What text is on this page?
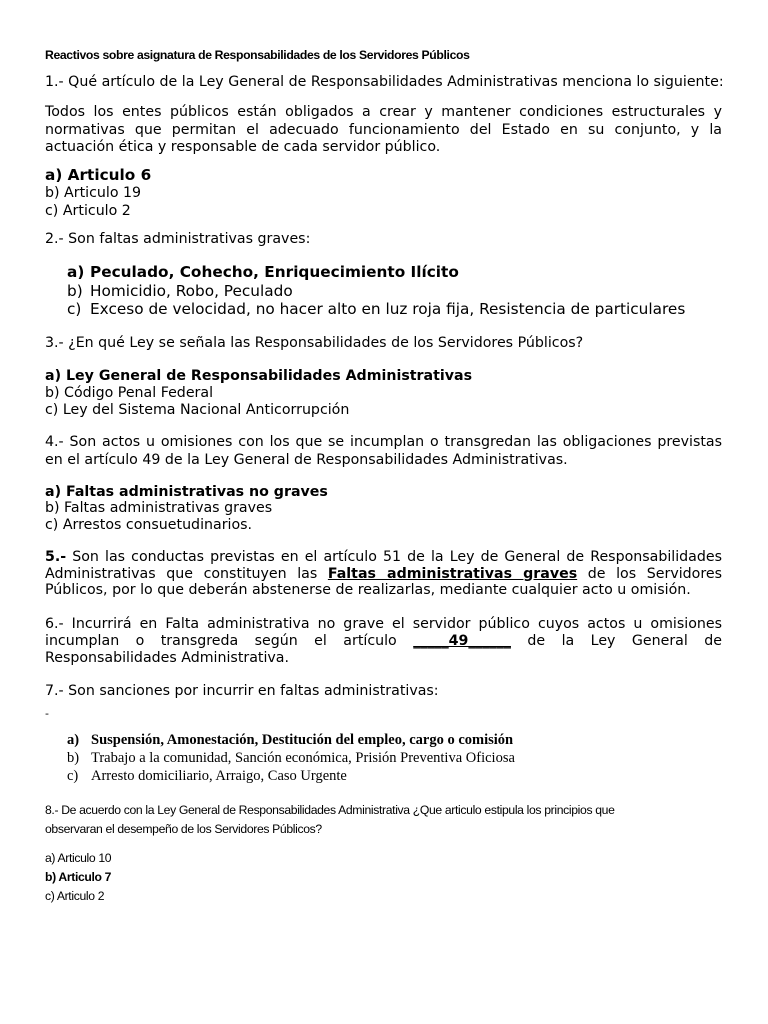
Reactivos sobre asignatura de Responsabilidades de los Servidores Públicos

1.- Qué artículo de la Ley General de Responsabilidades Administrativas menciona lo siguiente:

Todos los entes públicos están obligados a crear y mantener condiciones estructurales y normativas que permitan el adecuado funcionamiento del Estado en su conjunto, y la actuación ética y responsable de cada servidor público.

a) Articulo 6

b) Articulo 19

c) Articulo 2

2.- Son faltas administrativas graves:

a) Peculado, Cohecho, Enriquecimiento Ilícito
b) Homicidio, Robo, Peculado
c) Exceso de velocidad, no hacer alto en luz roja fija, Resistencia de particulares

3.- ¿En qué Ley se señala las Responsabilidades de los Servidores Públicos?

a) Ley General de Responsabilidades Administrativas

b) Código Penal Federal

c) Ley del Sistema Nacional Anticorrupción

4.- Son actos u omisiones con los que se incumplan o transgredan las obligaciones previstas en el artículo 49 de la Ley General de Responsabilidades Administrativas.

a) Faltas administrativas no graves

b) Faltas administrativas graves

c) Arrestos consuetudinarios.

5.- Son las conductas previstas en el artículo 51 de la Ley de General de Responsabilidades Administrativas que constituyen las Faltas administrativas graves de los Servidores Públicos, por lo que deberán abstenerse de realizarlas, mediante cualquier acto u omisión.

6.- Incurrirá en Falta administrativa no grave el servidor público cuyos actos u omisiones incumplan o transgreda según el artículo _____49______ de la Ley General de Responsabilidades Administrativa.

7.- Son sanciones por incurrir en faltas administrativas:

-

a) Suspensión, Amonestación, Destitución del empleo, cargo o comisión
b) Trabajo a la comunidad, Sanción económica, Prisión Preventiva Oficiosa
c) Arresto domiciliario, Arraigo, Caso Urgente

8.- De acuerdo con la Ley General de Responsabilidades Administrativa ¿Que articulo estipula los principios que

observaran el desempeño de los Servidores Públicos?

a) Articulo 10

b) Articulo 7

c) Articulo 2
